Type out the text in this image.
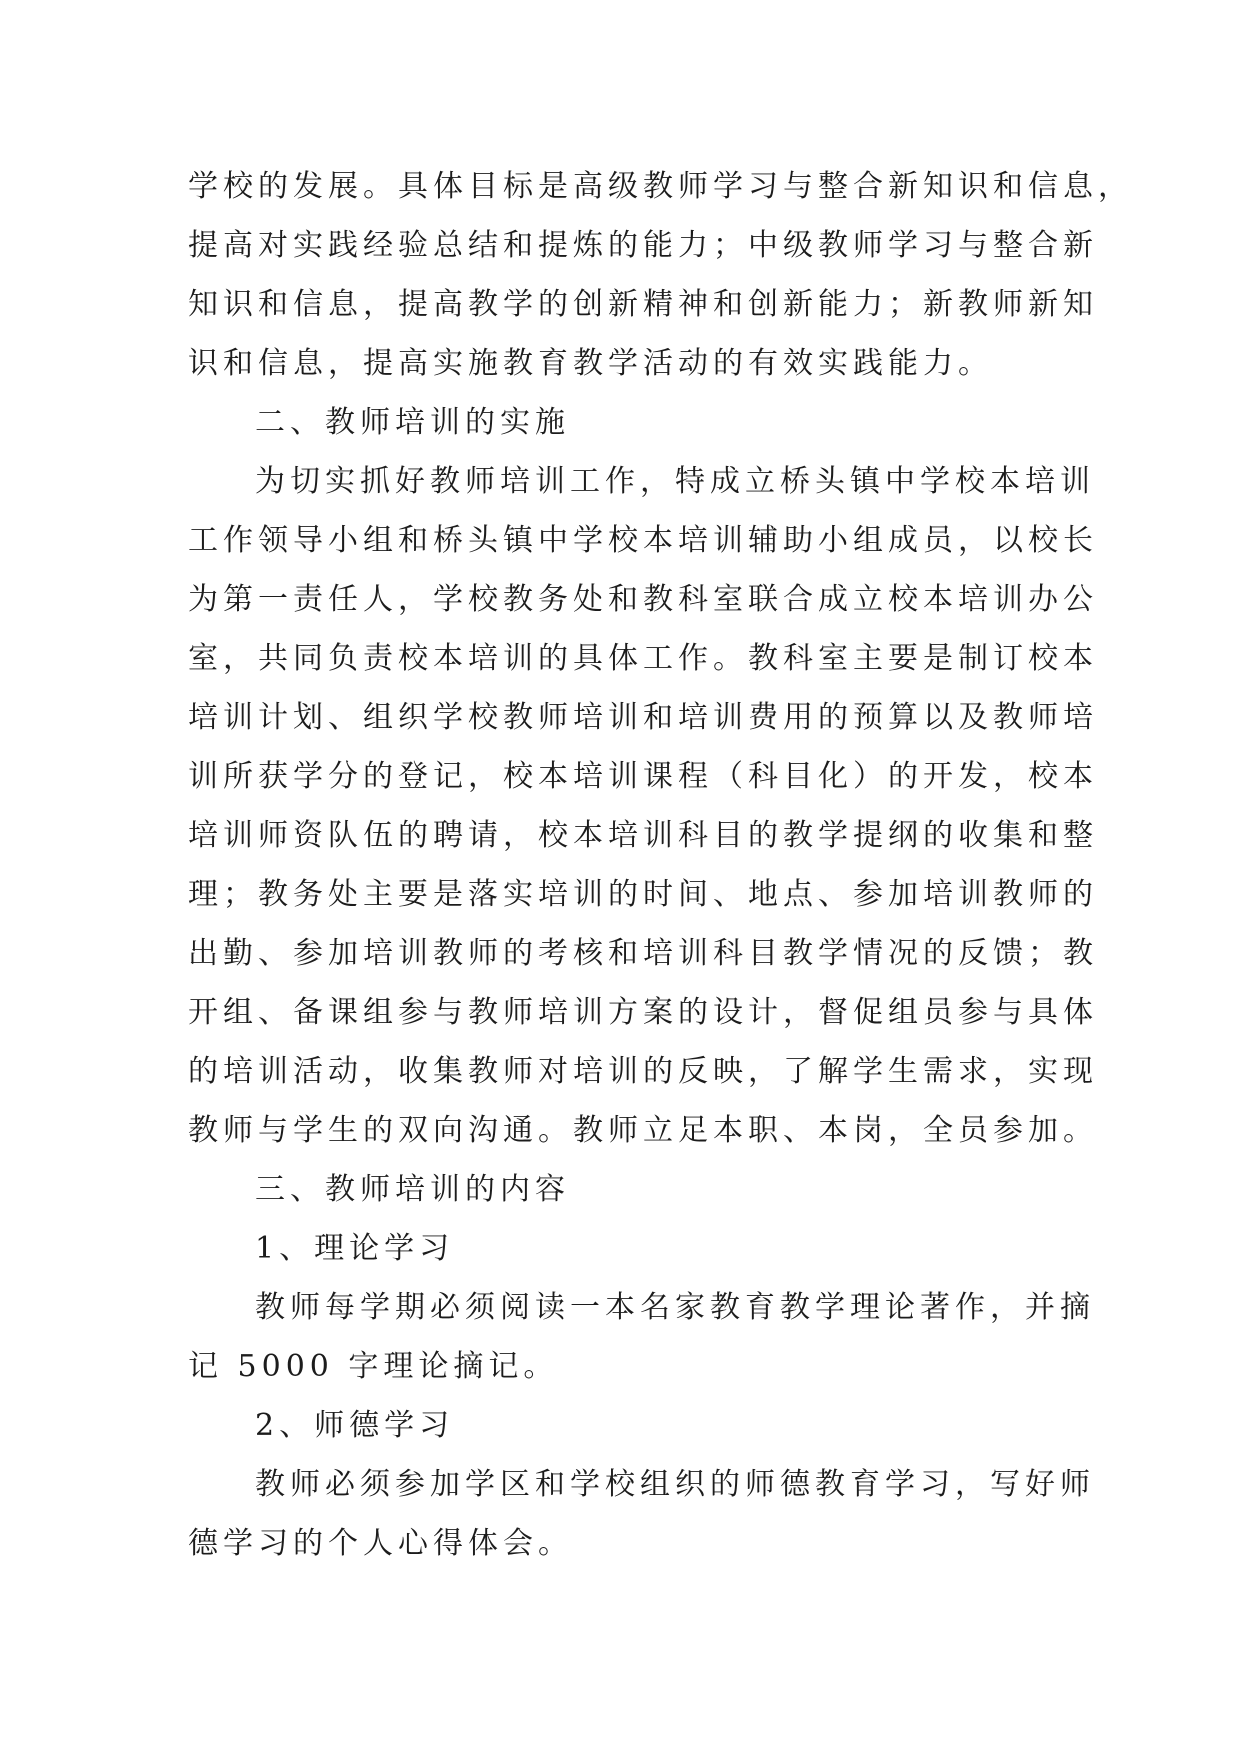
学校的发展。具体目标是高级教师学习与整合新知识和信息，
提高对实践经验总结和提炼的能力；中级教师学习与整合新
知识和信息，提高教学的创新精神和创新能力；新教师新知
识和信息，提高实施教育教学活动的有效实践能力。
二、教师培训的实施
为切实抓好教师培训工作，特成立桥头镇中学校本培训
工作领导小组和桥头镇中学校本培训辅助小组成员，以校长
为第一责任人，学校教务处和教科室联合成立校本培训办公
室，共同负责校本培训的具体工作。教科室主要是制订校本
培训计划、组织学校教师培训和培训费用的预算以及教师培
训所获学分的登记，校本培训课程（科目化）的开发，校本
培训师资队伍的聘请，校本培训科目的教学提纲的收集和整
理；教务处主要是落实培训的时间、地点、参加培训教师的
出勤、参加培训教师的考核和培训科目教学情况的反馈；教
开组、备课组参与教师培训方案的设计，督促组员参与具体
的培训活动，收集教师对培训的反映，了解学生需求，实现
教师与学生的双向沟通。教师立足本职、本岗，全员参加。
三、教师培训的内容
1、理论学习
教师每学期必须阅读一本名家教育教学理论著作，并摘
记 5000 字理论摘记。
2、师德学习
教师必须参加学区和学校组织的师德教育学习，写好师
德学习的个人心得体会。
